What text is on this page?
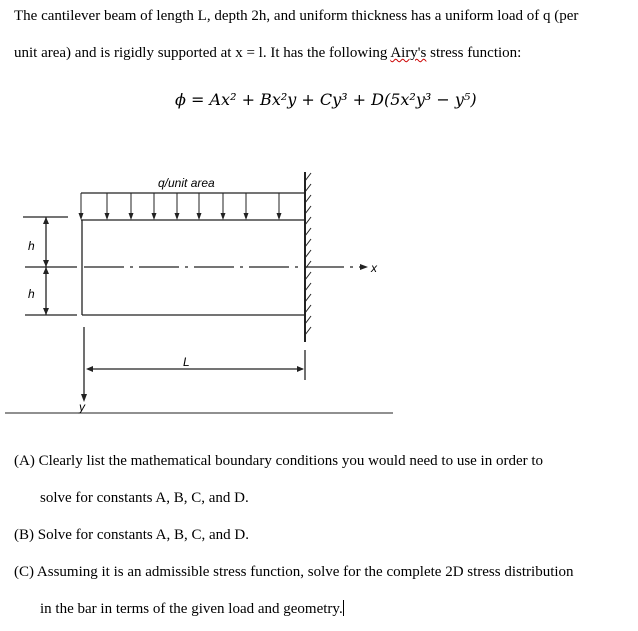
The cantilever beam of length L, depth 2h, and uniform thickness has a uniform load of q (per
unit area) and is rigidly supported at x = l. It has the following Airy's stress function:
ϕ = Ax² + Bx²y + Cy³ + D(5x²y³ − y⁵)
q/unit area
h
h
L
x
y
(A) Clearly list the mathematical boundary conditions you would need to use in order to
solve for constants A, B, C, and D.
(B) Solve for constants A, B, C, and D.
(C) Assuming it is an admissible stress function, solve for the complete 2D stress distribution
in the bar in terms of the given load and geometry.
